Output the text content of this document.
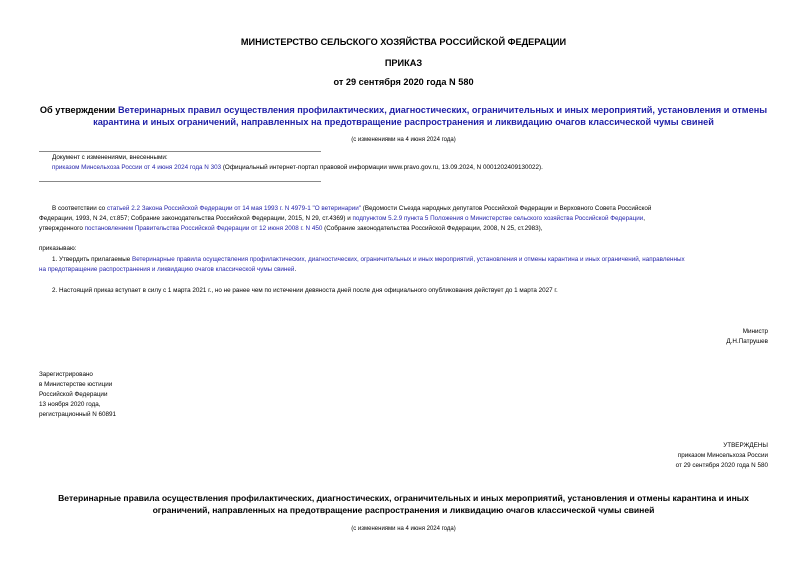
МИНИСТЕРСТВО СЕЛЬСКОГО ХОЗЯЙСТВА РОССИЙСКОЙ ФЕДЕРАЦИИ
ПРИКАЗ
от 29 сентября 2020 года N 580
Об утверждении Ветеринарных правил осуществления профилактических, диагностических, ограничительных и иных мероприятий, установления и отмены
карантина и иных ограничений, направленных на предотвращение распространения и ликвидацию очагов классической чумы свиней
(с изменениями на 4 июня 2024 года)
Документ с изменениями, внесенными:
приказом Минсельхоза России от 4 июня 2024 года N 303 (Официальный интернет-портал правовой информации www.pravo.gov.ru, 13.09.2024, N 0001202409130022).
В соответствии со статьей 2.2 Закона Российской Федерации от 14 мая 1993 г. N 4979-1 "О ветеринарии" (Ведомости Съезда народных депутатов Российской Федерации и Верховного Совета Российской
Федерации, 1993, N 24, ст.857; Собрание законодательства Российской Федерации, 2015, N 29, ст.4369) и подпунктом 5.2.9 пункта 5 Положения о Министерстве сельского хозяйства Российской Федерации,
утвержденного постановлением Правительства Российской Федерации от 12 июня 2008 г. N 450 (Собрание законодательства Российской Федерации, 2008, N 25, ст.2983),
приказываю:
1. Утвердить прилагаемые Ветеринарные правила осуществления профилактических, диагностических, ограничительных и иных мероприятий, установления и отмены карантина и иных ограничений, направленных
на предотвращение распространения и ликвидацию очагов классической чумы свиней.
2. Настоящий приказ вступает в силу с 1 марта 2021 г., но не ранее чем по истечении девяноста дней после дня официального опубликования действует до 1 марта 2027 г.
Министр
Д.Н.Патрушев
Зарегистрировано
в Министерстве юстиции
Российской Федерации
13 ноября 2020 года,
регистрационный N 60891
УТВЕРЖДЕНЫ
приказом Минсельхоза России
от 29 сентября 2020 года N 580
Ветеринарные правила осуществления профилактических, диагностических, ограничительных и иных мероприятий, установления и отмены карантина и иных
ограничений, направленных на предотвращение распространения и ликвидацию очагов классической чумы свиней
(с изменениями на 4 июня 2024 года)
